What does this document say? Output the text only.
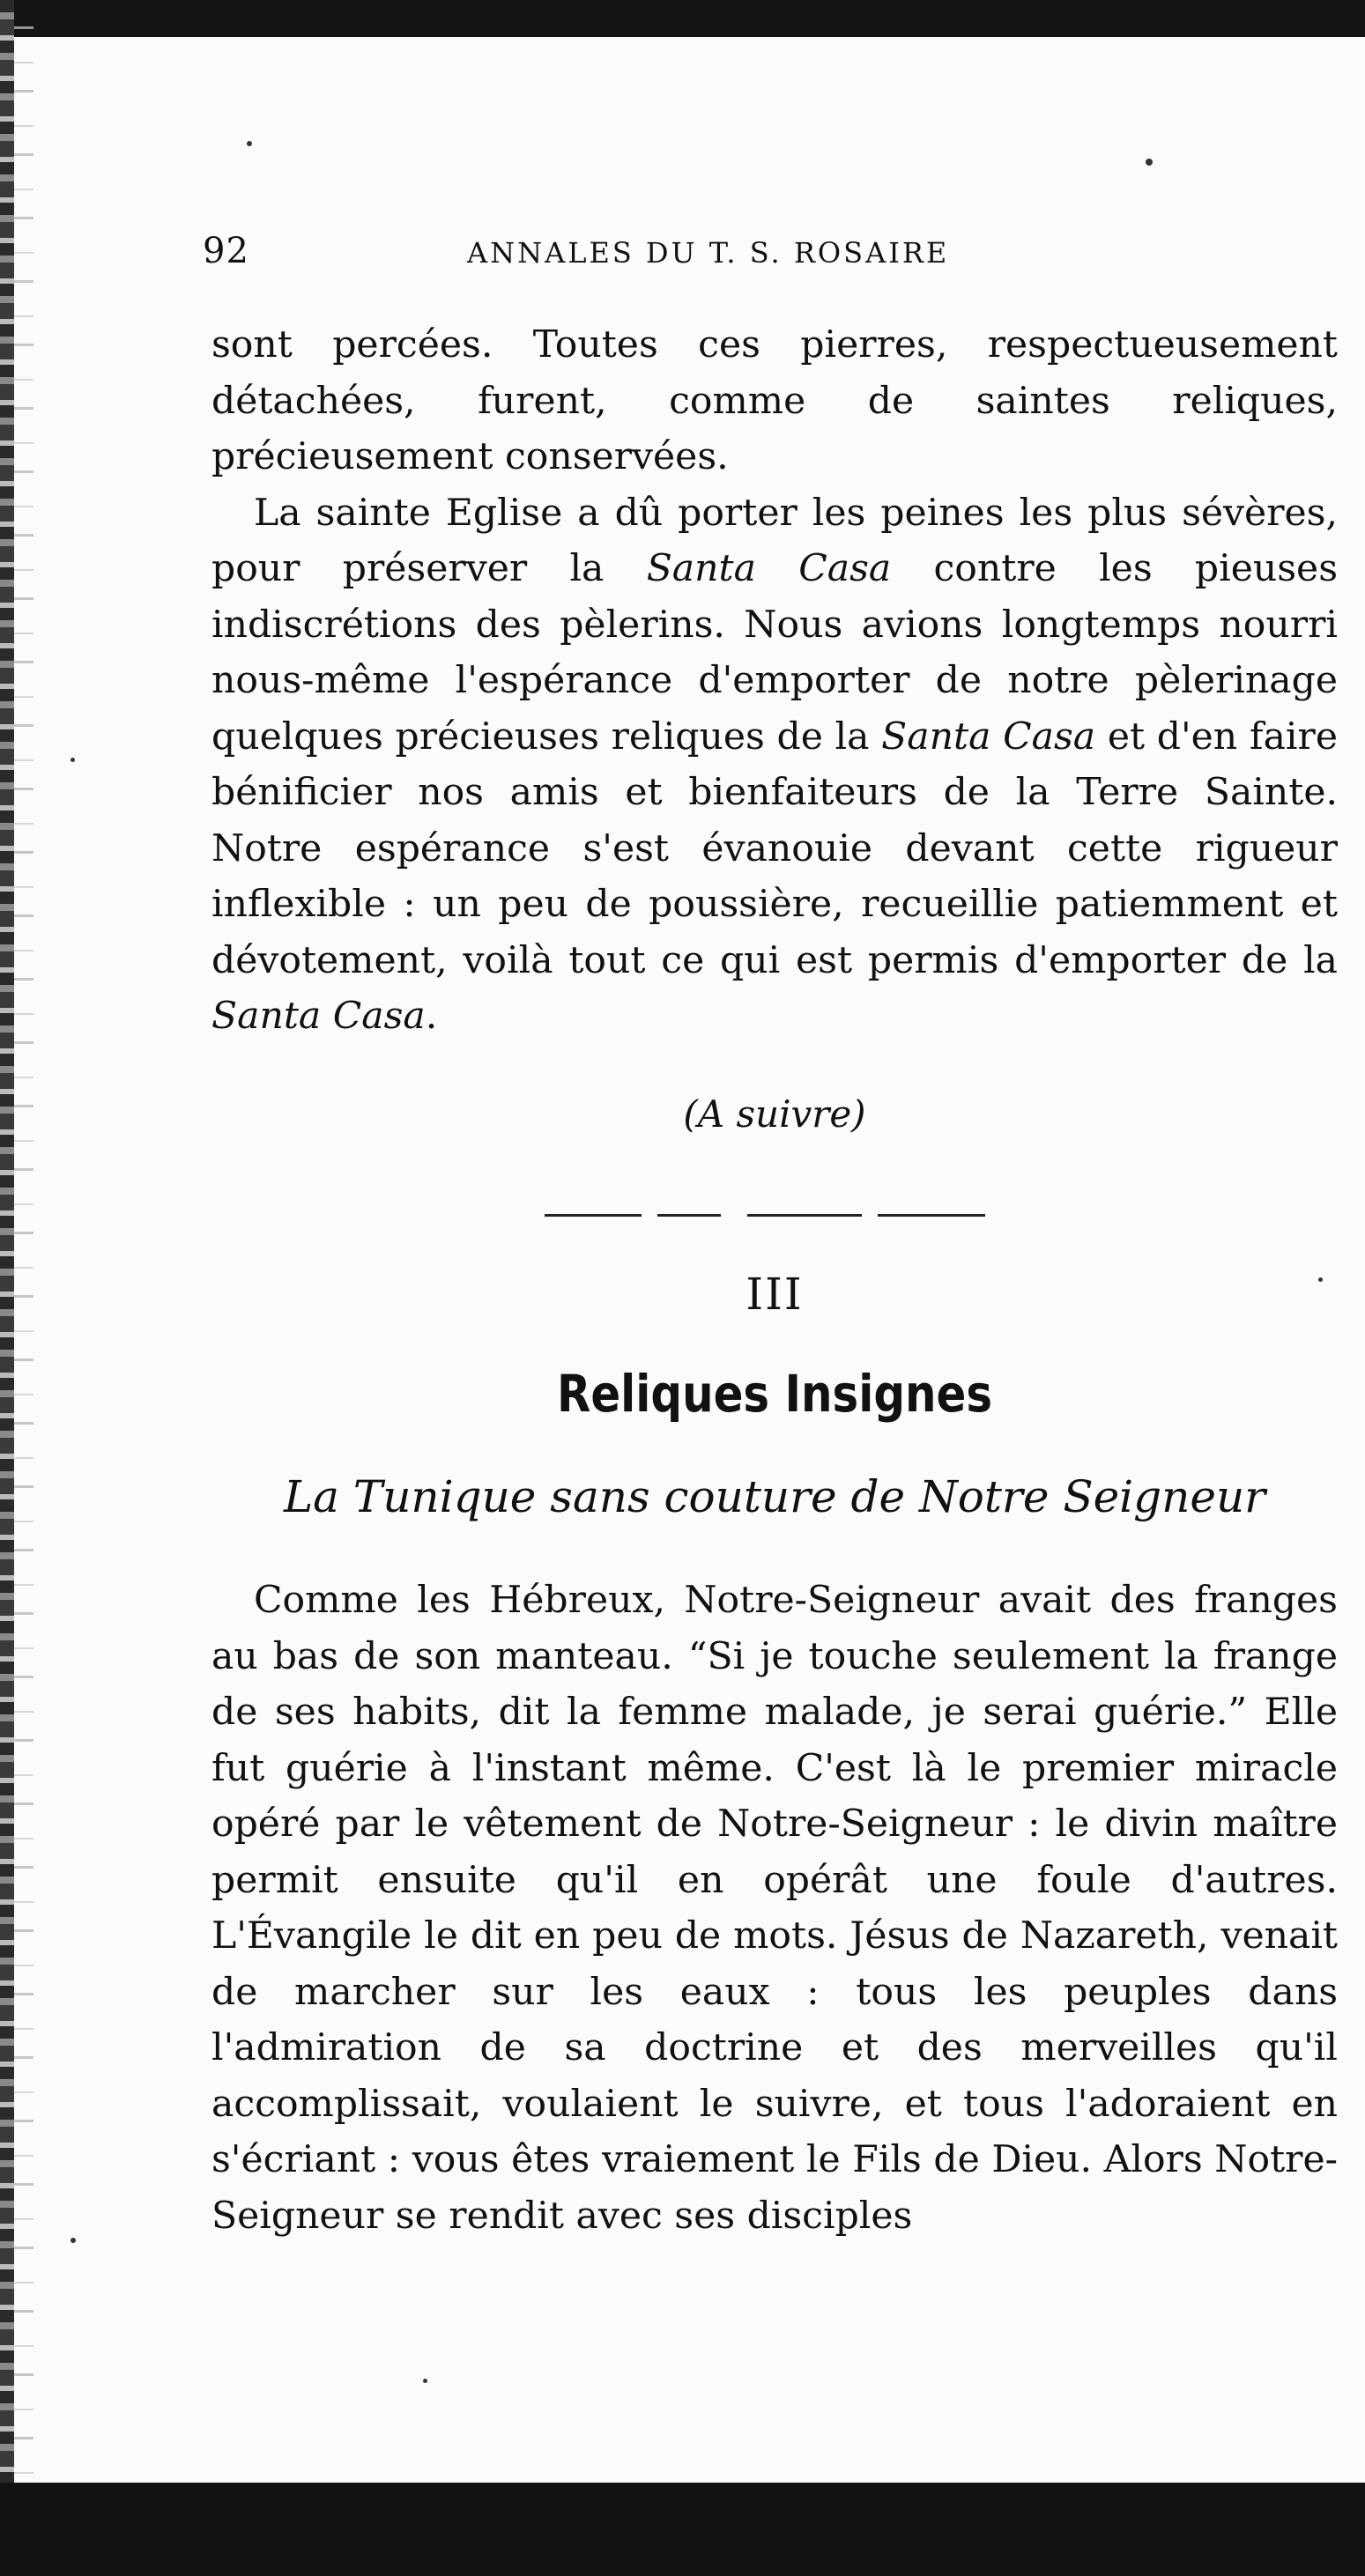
92	ANNALES DU T. S. ROSAIRE

sont percées. Toutes ces pierres, respectueusement détachées, furent, comme de saintes reliques, précieusement conservées.

La sainte Eglise a dû porter les peines les plus sévères, pour préserver la Santa Casa contre les pieuses indiscrétions des pèlerins. Nous avions longtemps nourri nous-même l'espérance d'emporter de notre pèlerinage quelques précieuses reliques de la Santa Casa et d'en faire bénificier nos amis et bienfaiteurs de la Terre Sainte. Notre espérance s'est évanouie devant cette rigueur inflexible : un peu de poussière, recueillie patiemment et dévotement, voilà tout ce qui est permis d'emporter de la Santa Casa.

(A suivre)
III
Reliques Insignes
La Tunique sans couture de Notre Seigneur

Comme les Hébreux, Notre-Seigneur avait des franges au bas de son manteau. “Si je touche seulement la frange de ses habits, dit la femme malade, je serai guérie.” Elle fut guérie à l'instant même. C'est là le premier miracle opéré par le vêtement de Notre-Seigneur : le divin maître permit ensuite qu'il en opérât une foule d'autres. L'Évangile le dit en peu de mots. Jésus de Nazareth, venait de marcher sur les eaux : tous les peuples dans l'admiration de sa doctrine et des merveilles qu'il accomplissait, voulaient le suivre, et tous l'adoraient en s'écriant : vous êtes vraiement le Fils de Dieu. Alors Notre-Seigneur se rendit avec ses disciples
